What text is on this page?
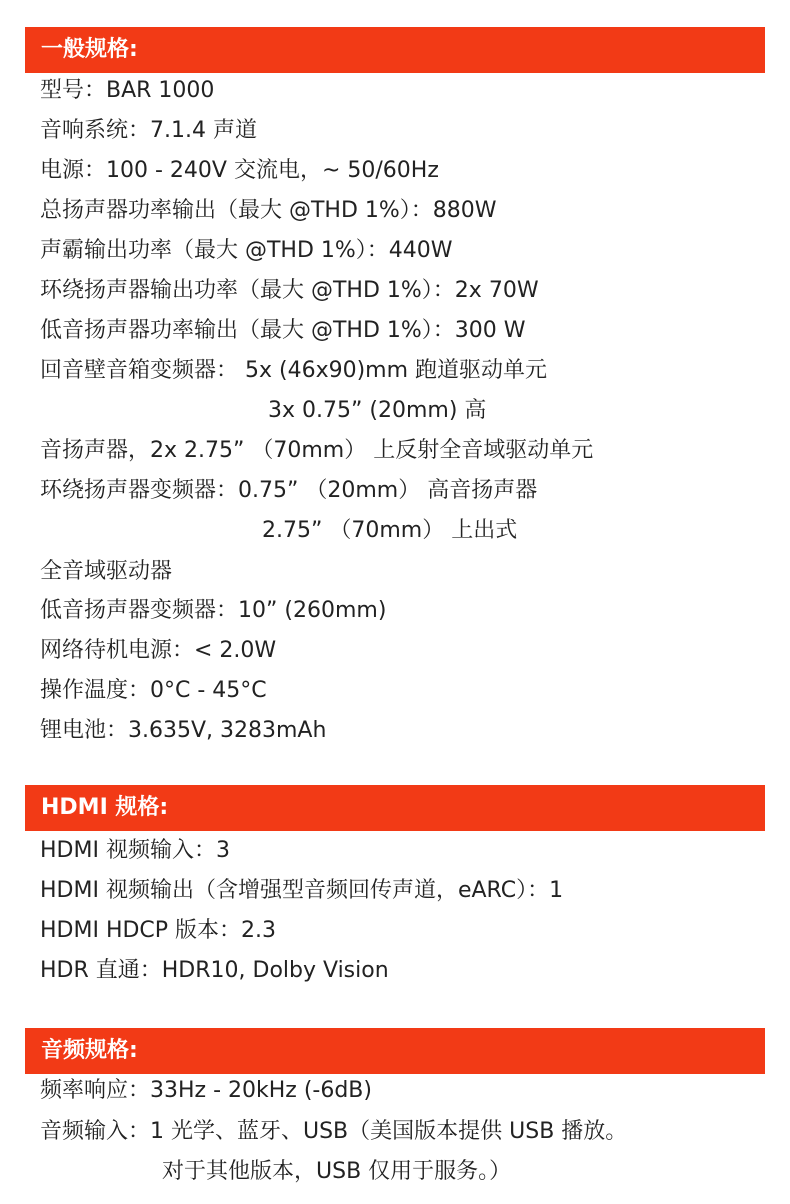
一般规格:
型号：BAR 1000
音响系统：7.1.4 声道
电源：100 - 240V 交流电，~ 50/60Hz
总扬声器功率输出（最大 @THD 1%）：880W
声霸输出功率（最大 @THD 1%）：440W
环绕扬声器输出功率（最大 @THD 1%）：2x 70W
低音扬声器功率输出（最大 @THD 1%）：300 W
回音壁音箱变频器： 5x (46x90)mm 跑道驱动单元
3x 0.75” (20mm) 高
音扬声器，2x 2.75” （70mm） 上反射全音域驱动单元
环绕扬声器变频器：0.75” （20mm） 高音扬声器
2.75” （70mm） 上出式
全音域驱动器
低音扬声器变频器：10” (260mm)
网络待机电源：< 2.0W
操作温度：0°C - 45°C
锂电池：3.635V, 3283mAh
HDMI 规格:
HDMI 视频输入：3
HDMI 视频输出（含增强型音频回传声道，eARC）：1
HDMI HDCP 版本：2.3
HDR 直通：HDR10, Dolby Vision
音频规格:
频率响应：33Hz - 20kHz (-6dB)
音频输入：1 光学、蓝牙、USB（美国版本提供 USB 播放。
对于其他版本，USB 仅用于服务。）
